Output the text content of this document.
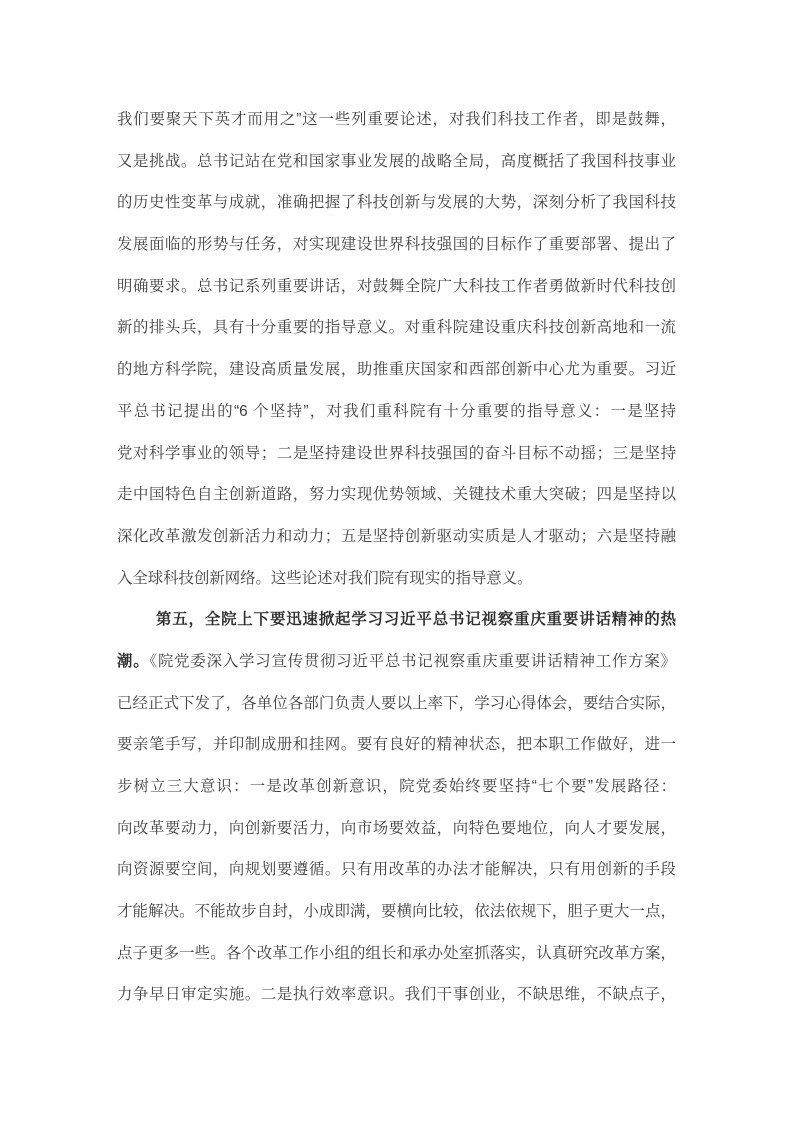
我们要聚天下英才而用之”这一些列重要论述，对我们科技工作者，即是鼓舞，
又是挑战。总书记站在党和国家事业发展的战略全局，高度概括了我国科技事业
的历史性变革与成就，准确把握了科技创新与发展的大势，深刻分析了我国科技
发展面临的形势与任务，对实现建设世界科技强国的目标作了重要部署、提出了
明确要求。总书记系列重要讲话，对鼓舞全院广大科技工作者勇做新时代科技创
新的排头兵，具有十分重要的指导意义。对重科院建设重庆科技创新高地和一流
的地方科学院，建设高质量发展，助推重庆国家和西部创新中心尤为重要。习近
平总书记提出的“6 个坚持”，对我们重科院有十分重要的指导意义：一是坚持
党对科学事业的领导；二是坚持建设世界科技强国的奋斗目标不动摇；三是坚持
走中国特色自主创新道路，努力实现优势领域、关键技术重大突破；四是坚持以
深化改革激发创新活力和动力；五是坚持创新驱动实质是人才驱动；六是坚持融
入全球科技创新网络。这些论述对我们院有现实的指导意义。
第五，全院上下要迅速掀起学习习近平总书记视察重庆重要讲话精神的热
潮。《院党委深入学习宣传贯彻习近平总书记视察重庆重要讲话精神工作方案》
已经正式下发了，各单位各部门负责人要以上率下，学习心得体会，要结合实际，
要亲笔手写，并印制成册和挂网。要有良好的精神状态，把本职工作做好，进一
步树立三大意识：一是改革创新意识，院党委始终要坚持“七个要”发展路径：
向改革要动力，向创新要活力，向市场要效益，向特色要地位，向人才要发展，
向资源要空间，向规划要遵循。只有用改革的办法才能解决，只有用创新的手段
才能解决。不能故步自封，小成即满，要横向比较，依法依规下，胆子更大一点，
点子更多一些。各个改革工作小组的组长和承办处室抓落实，认真研究改革方案，
力争早日审定实施。二是执行效率意识。我们干事创业，不缺思维，不缺点子，
